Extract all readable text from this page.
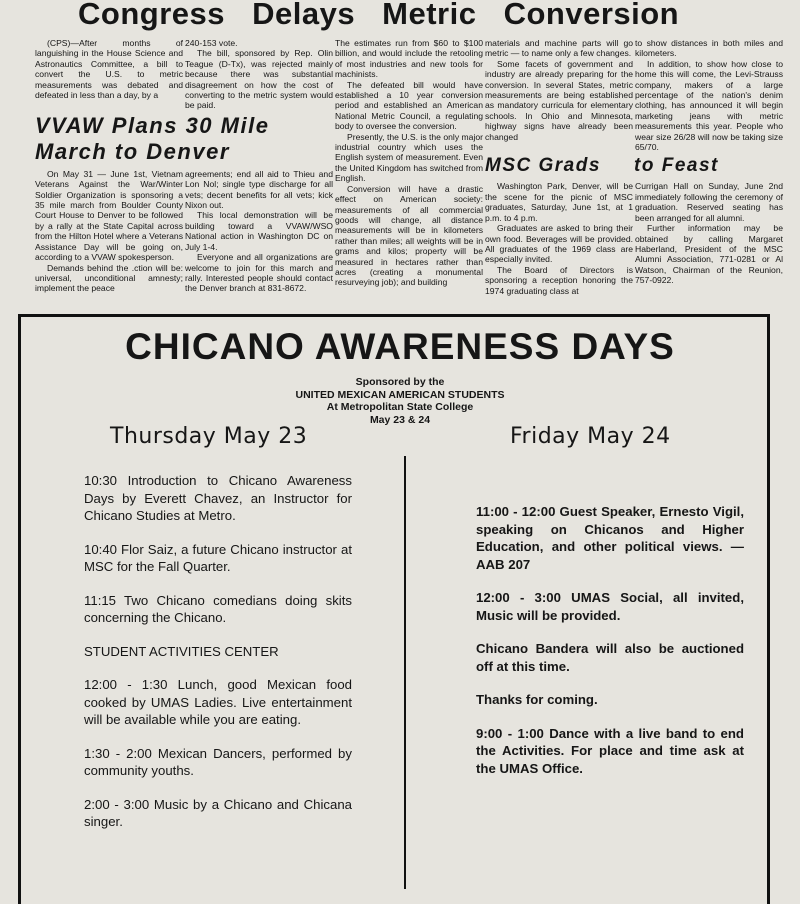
Congress Delays Metric Conversion

(CPS)—After months of languishing in the House Science and Astronautics Committee, a bill to convert the U.S. to metric measurements was debated and defeated in less than a day, by a

240-153 vote.

The bill, sponsored by Rep. Olin Teague (D-Tx), was rejected mainly because there was substantial disagreement on how the cost of converting to the metric system would be paid.

VVAW Plans 30 Mile
March to Denver

On May 31 — June 1st, Vietnam Veterans Against the War/Winter Soldier Organization is sponsoring a 35 mile march from Boulder County Court House to Denver to be followed by a rally at the State Capital across from the Hilton Hotel where a Veterans Assistance Day will be going on, according to a VVAW spokesperson.

Demands behind the .ction will be: universal, unconditional amnesty; implement the peace

agreements; end all aid to Thieu and Lon Nol; single type discharge for all vets; decent benefits for all vets; kick Nixon out.

This local demonstration will be building toward a VVAW/WSO National action in Washington DC on July 1-4.

Everyone and all organizations are welcome to join for this march and rally. Interested people should contact the Denver branch at 831-8672.

The estimates run from $60 to $100 billion, and would include the retooling of most industries and new tools for machinists.

The defeated bill would have established a 10 year conversion period and established an American National Metric Council, a regulating body to oversee the conversion.

Presently, the U.S. is the only major industrial country which uses the English system of measurement. Even the United Kingdom has switched from English.

Conversion will have a drastic effect on American society: measurements of all commercial goods will change, all distance measurements will be in kilometers rather than miles; all weights will be in grams and kilos; property will be measured in hectares rather than acres (creating a monumental resurveying job); and building

materials and machine parts will go metric — to name only a few changes.

Some facets of government and industry are already preparing for the conversion. In several States, metric measurements are being established as mandatory curricula for elementary schools. In Ohio and Minnesota, highway signs have already been changed

to show distances in both miles and kilometers.

In addition, to show how close to home this will come, the Levi-Strauss company, makers of a large percentage of the nation's denim clothing, has announced it will begin marketing jeans with metric measurements this year. People who wear size 26/28 will now be taking size 65/70.

MSC Grads	to Feast

Washington Park, Denver, will be the scene for the picnic of MSC graduates, Saturday, June 1st, at 1 p.m. to 4 p.m.

Graduates are asked to bring their own food. Beverages will be provided. All graduates of the 1969 class are especially invited.

The Board of Directors is sponsoring a reception honoring the 1974 graduating class at

Currigan Hall on Sunday, June 2nd immediately following the ceremony of graduation. Reserved seating has been arranged for all alumni.

Further information may be obtained by calling Margaret Haberland, President of the MSC Alumni Association, 771-0281 or Al Watson, Chairman of the Reunion, 757-0922.

CHICANO AWARENESS DAYS
Sponsored by the
UNITED MEXICAN AMERICAN STUDENTS
At Metropolitan State College
May 23 & 24
Thursday May 23	Friday May 24

10:30 Introduction to Chicano Awareness Days by Everett Chavez, an Instructor for Chicano Studies at Metro.

10:40 Flor Saiz, a future Chicano instructor at MSC for the Fall Quarter.

11:15 Two Chicano comedians doing skits concerning the Chicano.

STUDENT ACTIVITIES CENTER

12:00 - 1:30 Lunch, good Mexican food cooked by UMAS Ladies. Live entertainment will be available while you are eating.

1:30 - 2:00 Mexican Dancers, performed by community youths.

2:00 - 3:00 Music by a Chicano and Chicana singer.

11:00 - 12:00 Guest Speaker, Ernesto Vigil, speaking on Chicanos and Higher Education, and other political views. — AAB 207

12:00 - 3:00 UMAS Social, all invited, Music will be provided.

Chicano Bandera will also be auctioned off at this time.

Thanks for coming.

9:00 - 1:00 Dance with a live band to end the Activities. For place and time ask at the UMAS Office.
